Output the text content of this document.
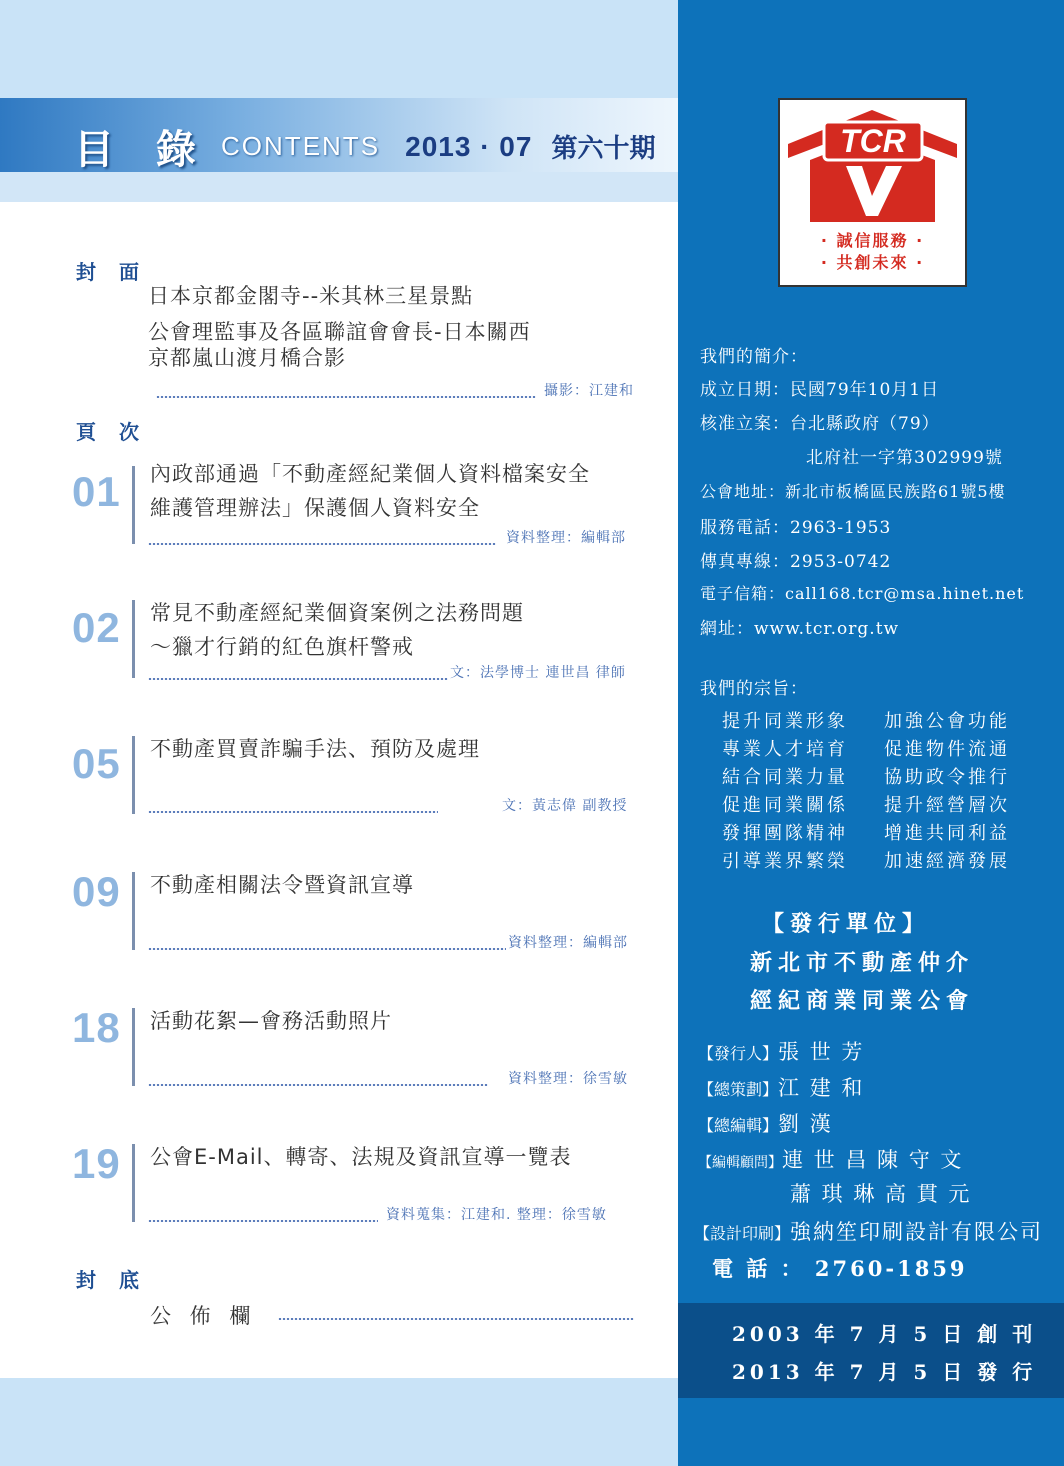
目 錄 CONTENTS 2013 · 07 第六十期
封 面
日本京都金閣寺--米其林三星景點
公會理監事及各區聯誼會會長-日本關西
京都嵐山渡月橋合影
攝影：江建和
頁 次
01 內政部通過「不動產經紀業個人資料檔案安全
維護管理辦法」保護個人資料安全
資料整理：編輯部
02 常見不動產經紀業個資案例之法務問題
～獵才行銷的紅色旗杆警戒
文：法學博士 連世昌 律師
05 不動產買賣詐騙手法、預防及處理
文：黃志偉 副教授
09 不動產相關法令暨資訊宣導
資料整理：編輯部
18 活動花絮—會務活動照片
資料整理：徐雪敏
19 公會E-Mail、轉寄、法規及資訊宣導一覽表
資料蒐集：江建和. 整理：徐雪敏
封 底
公 佈 欄
TCR
· 誠信服務 ·
· 共創未來 ·
我們的簡介：
成立日期：民國79年10月1日
核准立案：台北縣政府（79）
北府社一字第302999號
公會地址：新北市板橋區民族路61號5樓
服務電話：2963-1953
傳真專線：2953-0742
電子信箱：call168.tcr@msa.hinet.net
網址：www.tcr.org.tw
我們的宗旨：
提升同業形象 加強公會功能
專業人才培育 促進物件流通
結合同業力量 協助政令推行
促進同業關係 提升經營層次
發揮團隊精神 增進共同利益
引導業界繁榮 加速經濟發展
【發行單位】
新北市不動產仲介
經紀商業同業公會
【發行人】張 世 芳
【總策劃】江 建 和
【總編輯】劉 漢
【編輯顧問】連 世 昌 陳 守 文
蕭 琪 琳 高 貫 元
【設計印刷】強納笙印刷設計有限公司
電 話 ： 2760-1859
2003 年 7 月 5 日 創 刊
2013 年 7 月 5 日 發 行
